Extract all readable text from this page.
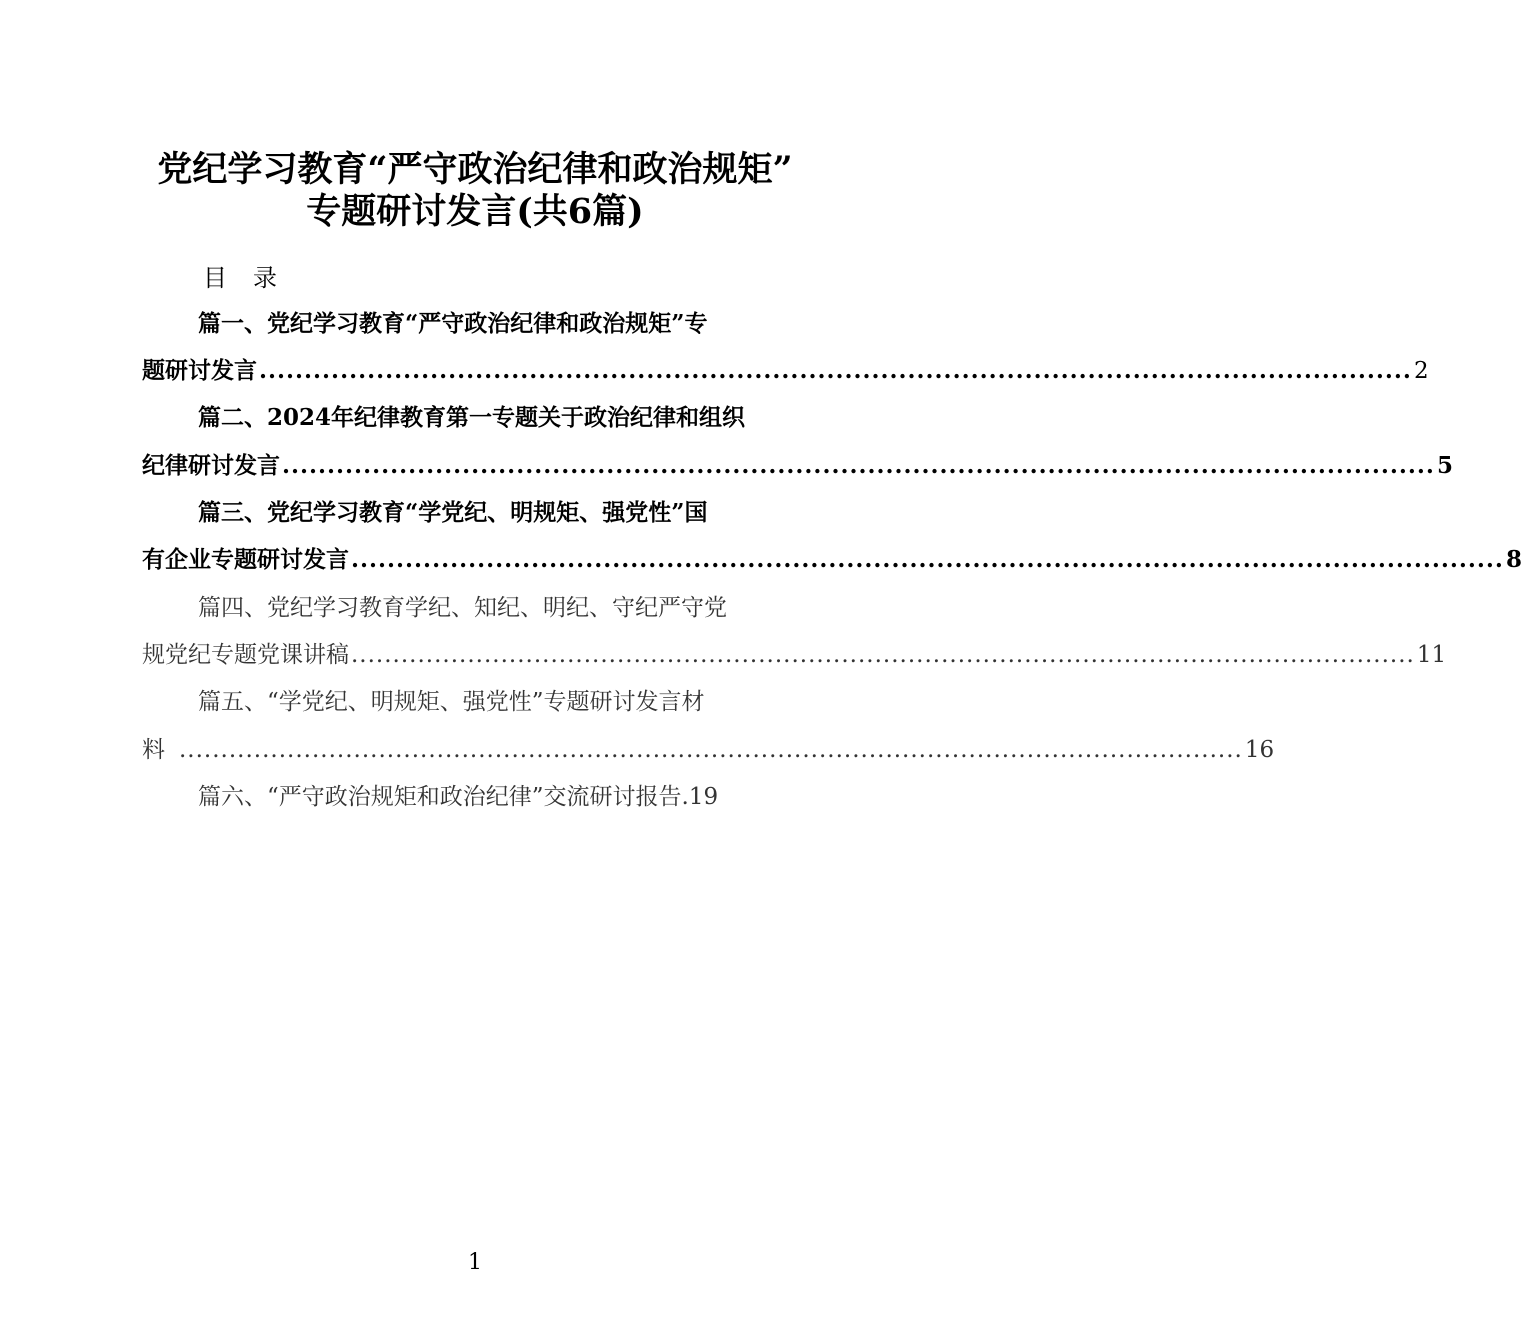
党纪学习教育“严守政治纪律和政治规矩”
专题研讨发言(共6篇)
目录
篇一、党纪学习教育“严守政治纪律和政治规矩”专
题研讨发言 ................................................................................................................................ 2
篇二、2024年纪律教育第一专题关于政治纪律和组织
纪律研讨发言 ................................................................................................................................ 5
篇三、党纪学习教育“学党纪、明规矩、强党性”国
有企业专题研讨发言 ................................................................................................................................ 8
篇四、党纪学习教育学纪、知纪、明纪、守纪严守党
规党纪专题党课讲稿 ................................................................................................................................ 11
篇五、“学党纪、明规矩、强党性”专题研讨发言材
料 ................................................................................................................................ 16
篇六、“严守政治规矩和政治纪律”交流研讨报告.19
1
